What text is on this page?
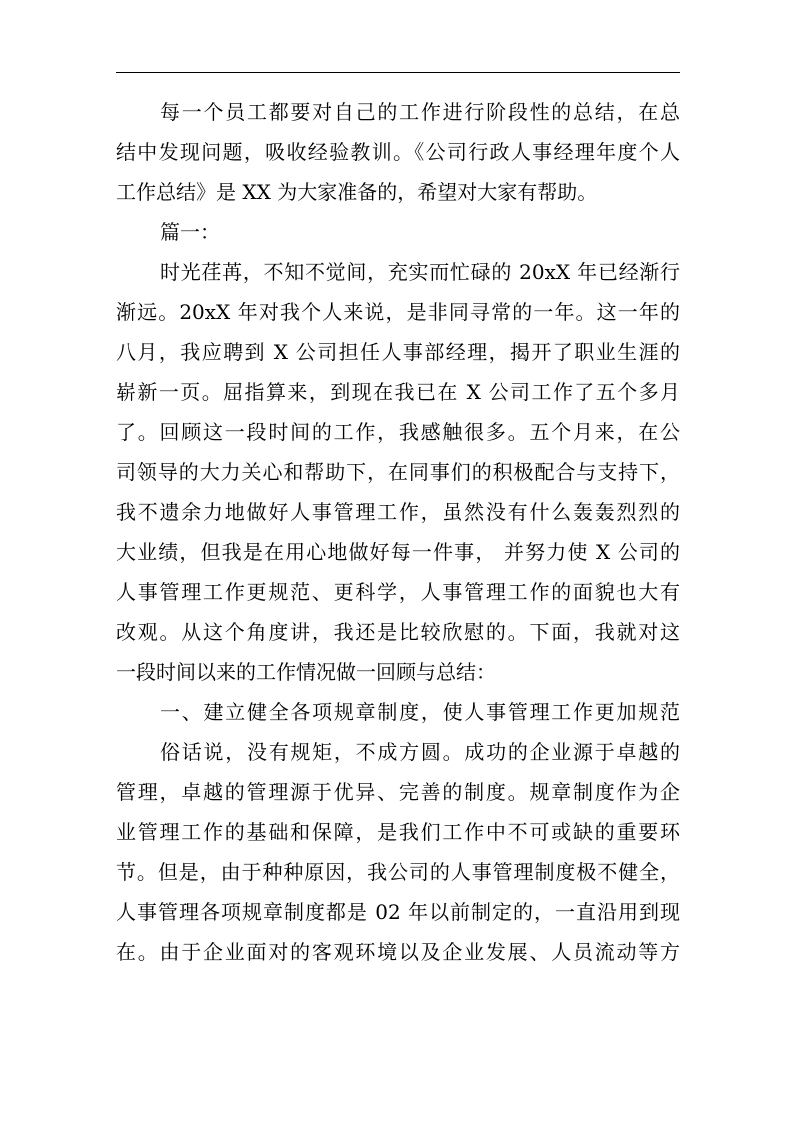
每一个员工都要对自己的工作进行阶段性的总结，在总
结中发现问题，吸收经验教训。《公司行政人事经理年度个人
工作总结》是 XX 为大家准备的，希望对大家有帮助。
篇一：
时光荏苒，不知不觉间，充实而忙碌的 20xX 年已经渐行
渐远。20xX 年对我个人来说，是非同寻常的一年。这一年的
八月，我应聘到 X 公司担任人事部经理，揭开了职业生涯的
崭新一页。屈指算来，到现在我已在 X 公司工作了五个多月
了。回顾这一段时间的工作，我感触很多。五个月来，在公
司领导的大力关心和帮助下，在同事们的积极配合与支持下，
我不遗余力地做好人事管理工作，虽然没有什么轰轰烈烈的
大业绩，但我是在用心地做好每一件事， 并努力使 X 公司的
人事管理工作更规范、更科学，人事管理工作的面貌也大有
改观。从这个角度讲，我还是比较欣慰的。下面，我就对这
一段时间以来的工作情况做一回顾与总结：
一、建立健全各项规章制度，使人事管理工作更加规范
俗话说，没有规矩，不成方圆。成功的企业源于卓越的
管理，卓越的管理源于优异、完善的制度。规章制度作为企
业管理工作的基础和保障，是我们工作中不可或缺的重要环
节。但是，由于种种原因，我公司的人事管理制度极不健全，
人事管理各项规章制度都是 02 年以前制定的，一直沿用到现
在。由于企业面对的客观环境以及企业发展、人员流动等方
